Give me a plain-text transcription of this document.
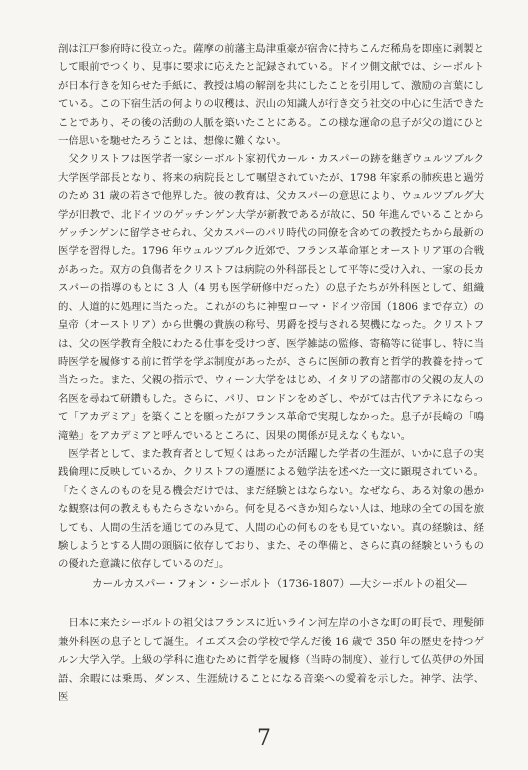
剖は江戸参府時に役立った。薩摩の前藩主島津重豪が宿舎に持ちこんだ稀鳥を即座に剥製として眼前でつくり、見事に要求に応えたと記録されている。ドイツ側文献では、シーボルトが日本行きを知らせた手紙に、教授は鳩の解剖を共にしたことを引用して、激励の言葉にしている。この下宿生活の何よりの収穫は、沢山の知識人が行き交う社交の中心に生活できたことであり、その後の活動の人脈を築いたことにある。この様な運命の息子が父の道にひと一倍思いを馳せたろうことは、想像に難くない。

父クリストフは医学者一家シーボルト家初代カール・カスパーの跡を継ぎウュルツブルク大学医学部長となり、将来の病院長として嘱望されていたが、1798 年家系の肺疾患と過労のため 31 歳の若さで他界した。彼の教育は、父カスパーの意思により、ウュルツブルグ大学が旧教で、北ドイツのゲッチンゲン大学が新教であるが故に、50 年進んでいることからゲッチンゲンに留学させられ、父カスパーのパリ時代の同僚を含めての教授たちから最新の医学を習得した。1796 年ウュルツブルク近郊で、フランス革命軍とオーストリア軍の合戦があった。双方の負傷者をクリストフは病院の外科部長として平等に受け入れ、一家の長カスパーの指導のもとに 3 人（4 男も医学研修中だった）の息子たちが外科医として、組織的、人道的に処理に当たった。これがのちに神聖ローマ・ドイツ帝国（1806 まで存立）の皇帝（オーストリア）から世襲の貴族の称号、男爵を授与される契機になった。クリストフは、父の医学教育全般にわたる仕事を受けつぎ、医学雑誌の監修、寄稿等に従事し、特に当時医学を履修する前に哲学を学ぶ制度があったが、さらに医師の教育と哲学的教養を持って当たった。また、父親の指示で、ウィーン大学をはじめ、イタリアの諸都市の父親の友人の名医を尋ねて研鑽もした。さらに、パリ、ロンドンをめざし、やがては古代アテネにならって「アカデミア」を築くことを願ったがフランス革命で実現しなかった。息子が長崎の「鳴滝塾」をアカデミアと呼んでいるところに、因果の関係が見えなくもない。

医学者として、また教育者として短くはあったが活躍した学者の生涯が、いかに息子の実践倫理に反映しているか、クリストフの遷歴による勉学法を述べた一文に顕現されている。「たくさんのものを見る機会だけでは、まだ経験とはならない。なぜなら、ある対象の愚かな観察は何の教えももたらさないから。何を見るべきか知らない人は、地球の全ての国を旅しても、人間の生活を通じてのみ見て、人間の心の何ものをも見ていない。真の経験は、経験しようとする人間の頭脳に依存しており、また、その準備と、さらに真の経験というものの優れた意識に依存しているのだ」。

カールカスパー・フォン・シーボルト（1736-1807）―大シーボルトの祖父―

日本に来たシーボルトの祖父はフランスに近いライン河左岸の小さな町の町長で、理髪師兼外科医の息子として誕生。イエズス会の学校で学んだ後 16 歳で 350 年の歴史を持つゲルン大学入学。上級の学科に進むために哲学を履修（当時の制度）、並行して仏英伊の外国語、余暇には乗馬、ダンス、生涯続けることになる音楽への愛着を示した。神学、法学、医

7
